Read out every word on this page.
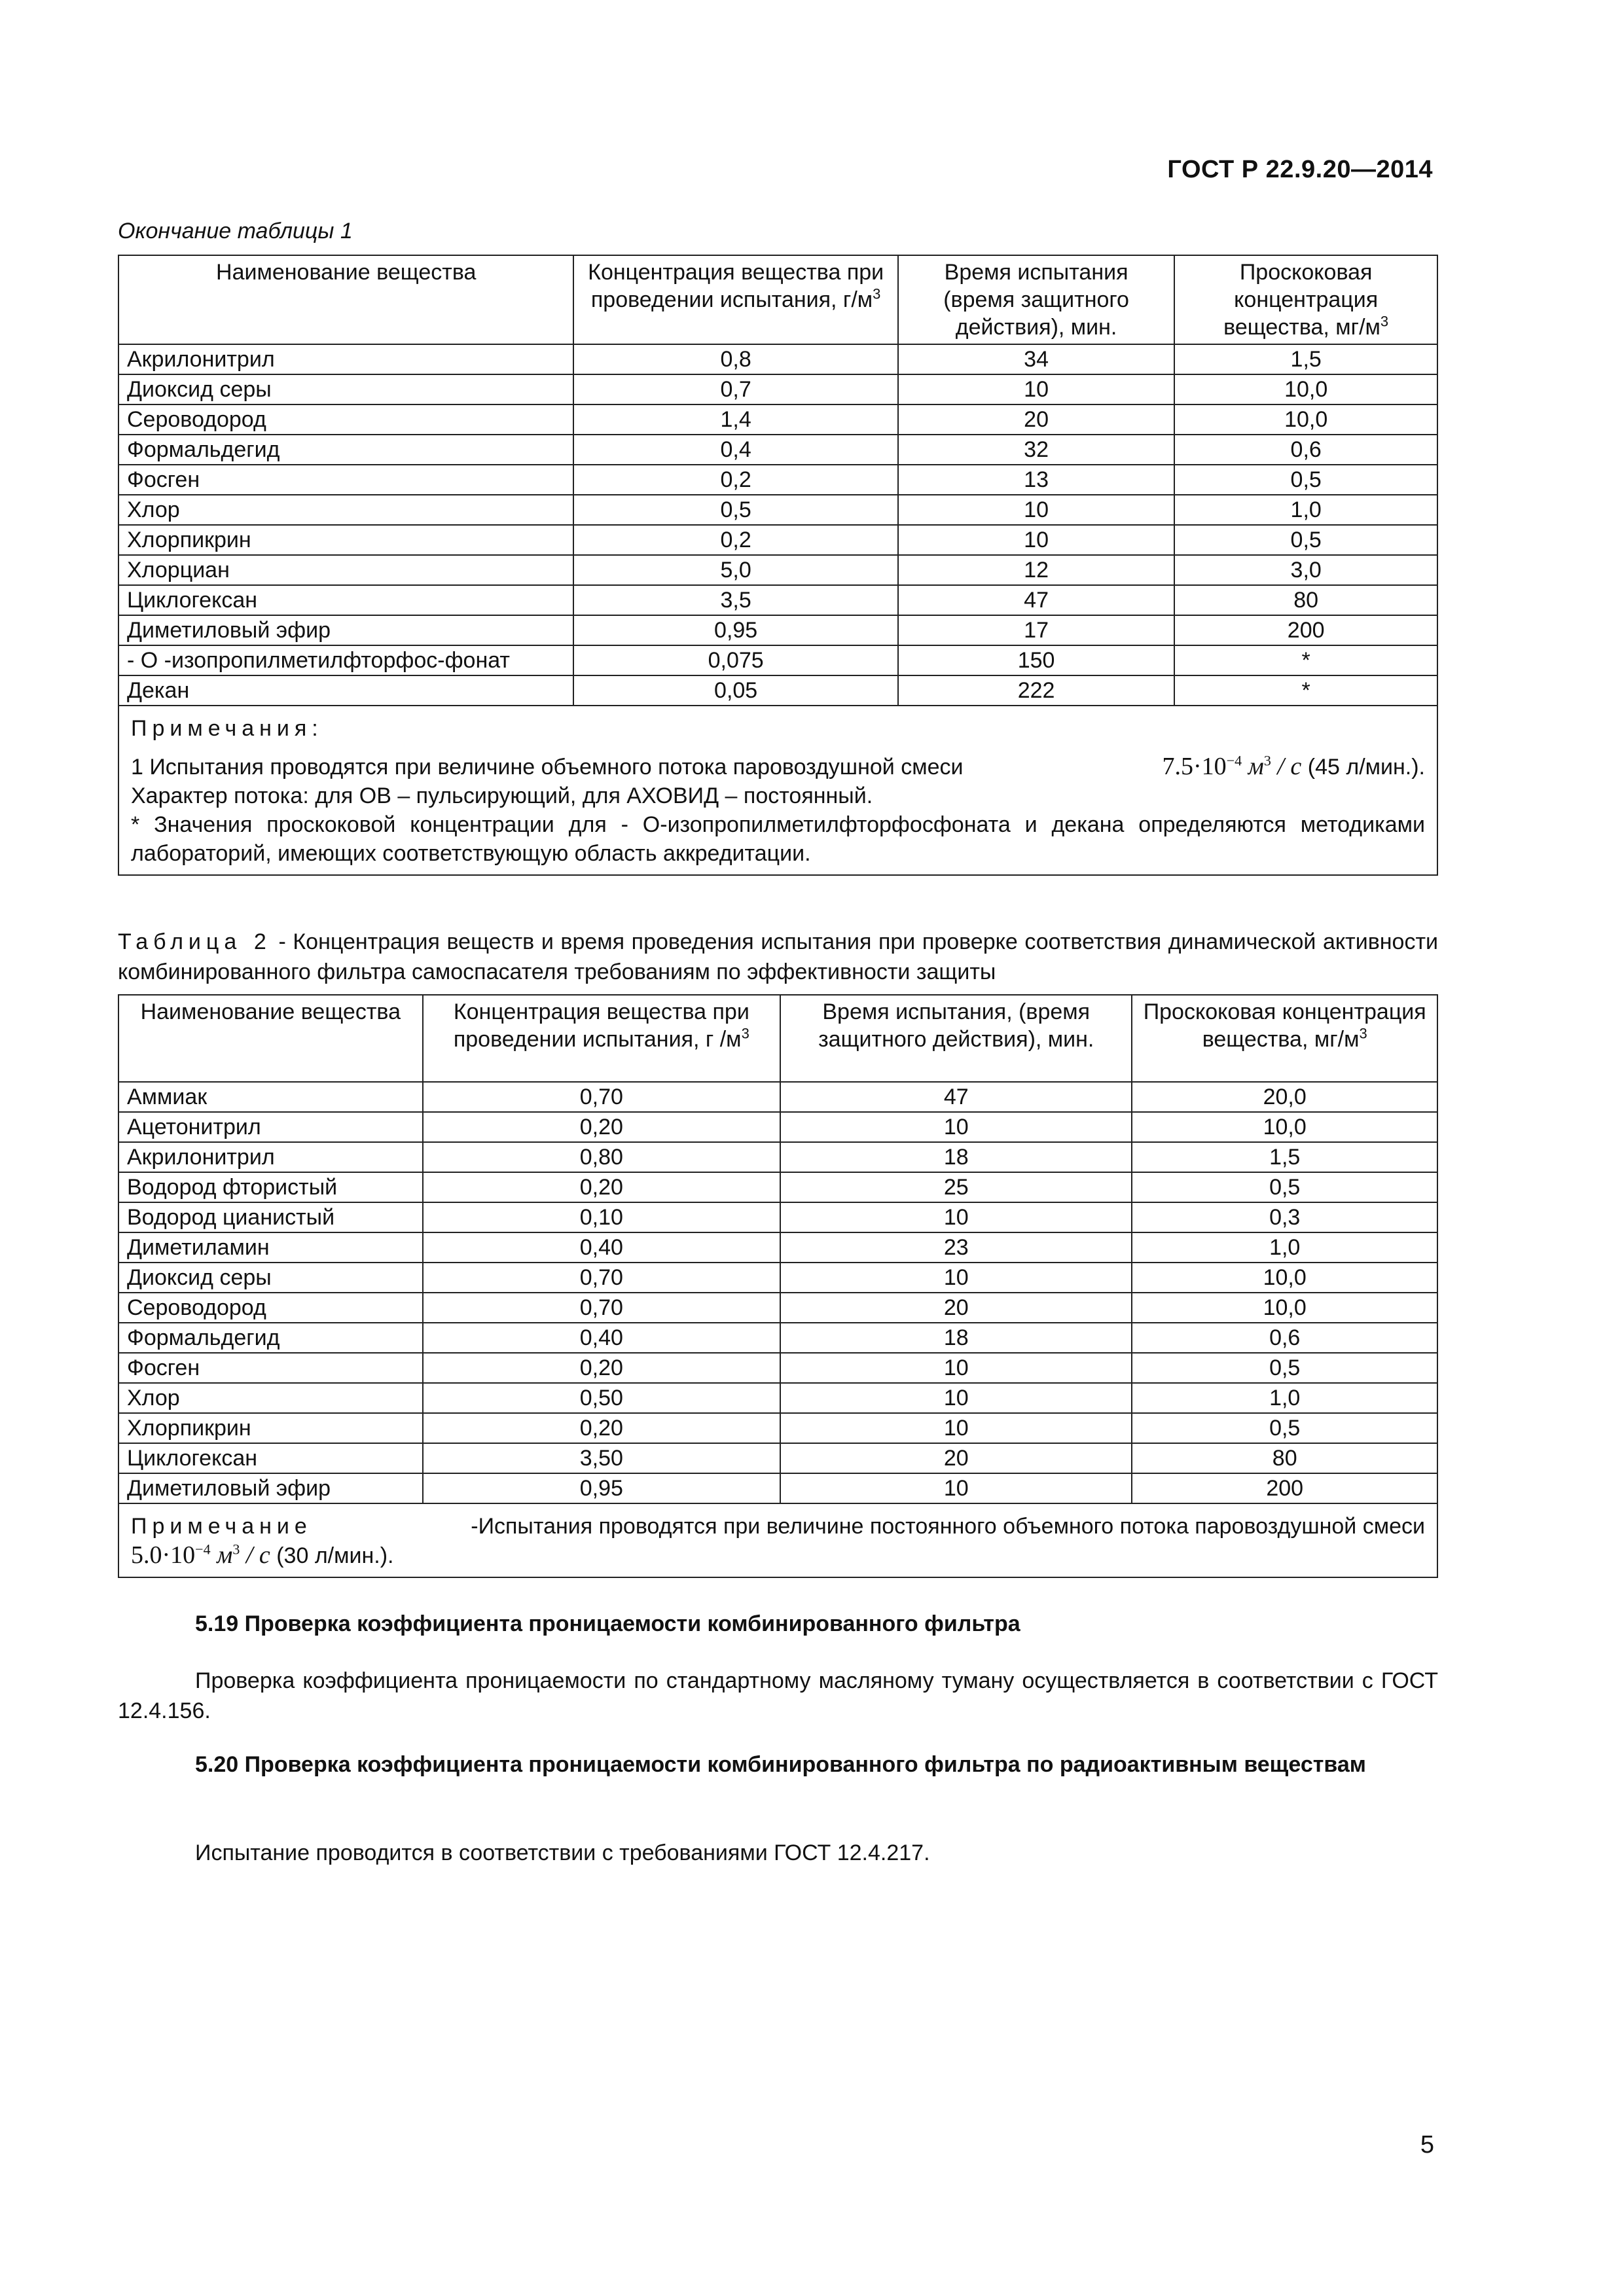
ГОСТ Р 22.9.20—2014
Окончание таблицы 1
Наименование вещества	Концентрация вещества при проведении испытания, $г/м^3$	Время испытания (время защитного действия), мин.	Проскоковая концентрация вещества, $мг/м^3$
Акрилонитрил	0,8	34	1,5
Диоксид серы	0,7	10	10,0
Сероводород	1,4	20	10,0
Формальдегид	0,4	32	0,6
Фосген	0,2	13	0,5
Хлор	0,5	10	1,0
Хлорпикрин	0,2	10	0,5
Хлорциан	5,0	12	3,0
Циклогексан	3,5	47	80
Диметиловый эфир	0,95	17	200
- О -изопропилметилфторфос-фонат	0,075	150	*
Декан	0,05	222	*

Примечания:
1 Испытания проводятся при величине объемного потока паровоздушной смеси $7.5\cdot 10^{-4}$ $м^3$ / c (45 л/мин.).
Характер потока: для ОВ – пульсирующий, для АХОВИД – постоянный.
* Значения проскоковой концентрации для - О-изопропилметилфторфосфоната и декана определяются методиками лабораторий, имеющих соответствующую область аккредитации.			
Таблица 2 - Концентрация веществ и время проведения испытания при проверке соответствия динамической активности комбинированного фильтра самоспасателя требованиям по эффективности защиты
Наименование вещества	Концентрация вещества при проведении испытания, г $/м^3$	Время испытания, (время защитного действия), мин.	Проскоковая концентрация вещества, $мг/м^3$
Аммиак	0,70	47	20,0
Ацетонитрил	0,20	10	10,0
Акрилонитрил	0,80	18	1,5
Водород фтористый	0,20	25	0,5
Водород цианистый	0,10	10	0,3
Диметиламин	0,40	23	1,0
Диоксид серы	0,70	10	10,0
Сероводород	0,70	20	10,0
Формальдегид	0,40	18	0,6
Фосген	0,20	10	0,5
Хлор	0,50	10	1,0
Хлорпикрин	0,20	10	0,5
Циклогексан	3,50	20	80
Диметиловый эфир	0,95	10	200

Примечание -Испытания проводятся при величине постоянного объемного потока паровоздушной смеси
$5.0\cdot 10^{-4}$ $м^3$ / c (30 л/мин.).			
5.19 Проверка коэффициента проницаемости комбинированного фильтра
Проверка коэффициента проницаемости по стандартному масляному туману осуществляется в соответствии с ГОСТ 12.4.156.
5.20 Проверка коэффициента проницаемости комбинированного фильтра по радиоактивным веществам
Испытание проводится в соответствии с требованиями ГОСТ 12.4.217.
5
